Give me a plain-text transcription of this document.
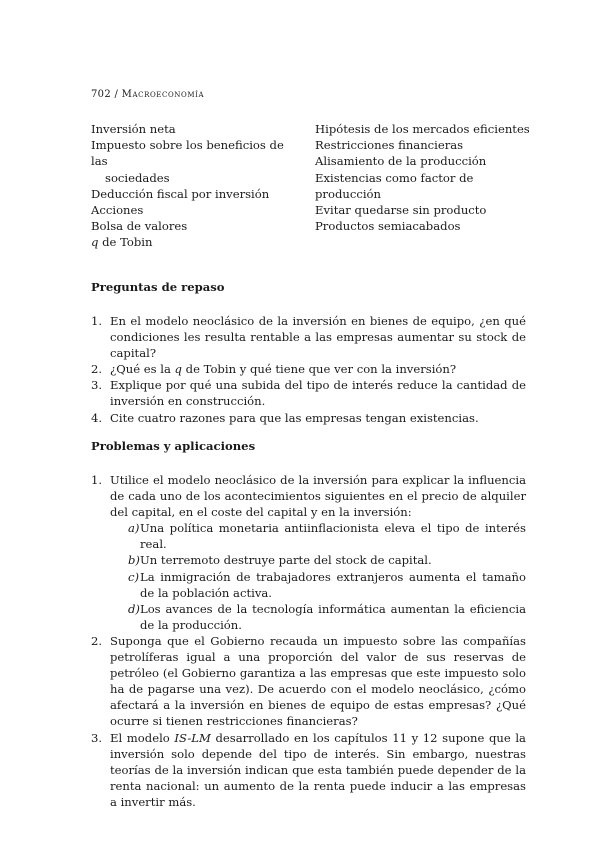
702 / Macroeconomía
Inversión neta
Impuesto sobre los beneficios de las
sociedades
Deducción fiscal por inversión
Acciones
Bolsa de valores
q de Tobin
Hipótesis de los mercados eficientes
Restricciones financieras
Alisamiento de la producción
Existencias como factor de producción
Evitar quedarse sin producto
Productos semiacabados
Preguntas de repaso
1. En el modelo neoclásico de la inversión en bienes de equipo, ¿en qué condiciones les resulta rentable a las empresas aumentar su stock de capital?
2. ¿Qué es la q de Tobin y qué tiene que ver con la inversión?
3. Explique por qué una subida del tipo de interés reduce la cantidad de inversión en construcción.
4. Cite cuatro razones para que las empresas tengan existencias.
Problemas y aplicaciones
1. Utilice el modelo neoclásico de la inversión para explicar la influencia de cada uno de los acontecimientos siguientes en el precio de alquiler del capital, en el coste del capital y en la inversión:
a) Una política monetaria antiinflacionista eleva el tipo de interés real.
b) Un terremoto destruye parte del stock de capital.
c) La inmigración de trabajadores extranjeros aumenta el tamaño de la población activa.
d) Los avances de la tecnología informática aumentan la eficiencia de la producción.
2. Suponga que el Gobierno recauda un impuesto sobre las compañías petrolíferas igual a una proporción del valor de sus reservas de petróleo (el Gobierno garantiza a las empresas que este impuesto solo ha de pagarse una vez). De acuerdo con el modelo neoclásico, ¿cómo afectará a la inversión en bienes de equipo de estas empresas? ¿Qué ocurre si tienen restricciones financieras?
3. El modelo IS-LM desarrollado en los capítulos 11 y 12 supone que la inversión solo depende del tipo de interés. Sin embargo, nuestras teorías de la inversión indican que esta también puede depender de la renta nacional: un aumento de la renta puede inducir a las empresas a invertir más.
